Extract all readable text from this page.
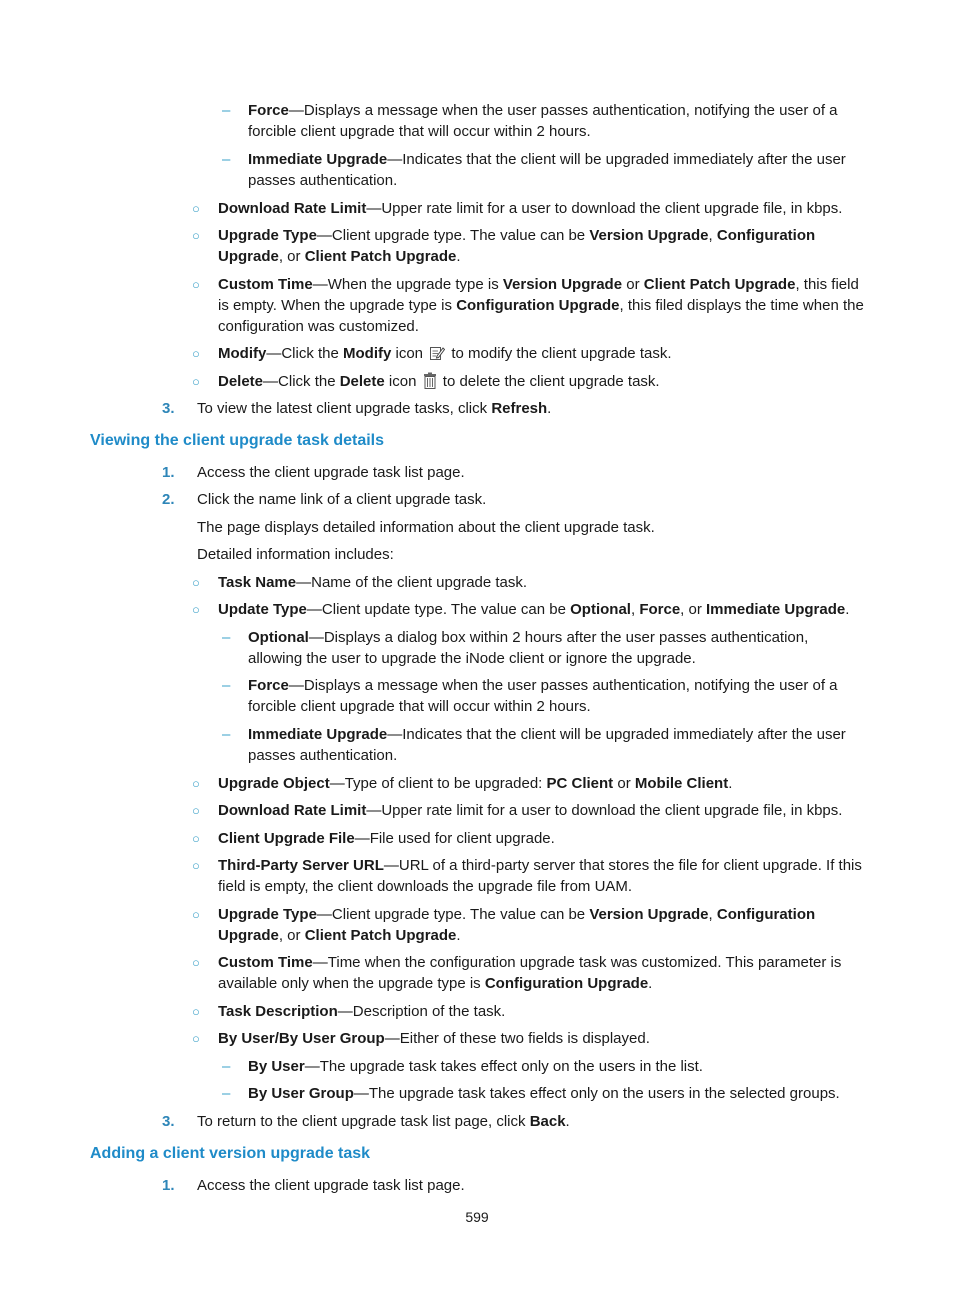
– Force—Displays a message when the user passes authentication, notifying the user of a forcible client upgrade that will occur within 2 hours.
– Immediate Upgrade—Indicates that the client will be upgraded immediately after the user passes authentication.
○ Download Rate Limit—Upper rate limit for a user to download the client upgrade file, in kbps.
○ Upgrade Type—Client upgrade type. The value can be Version Upgrade, Configuration Upgrade, or Client Patch Upgrade.
○ Custom Time—When the upgrade type is Version Upgrade or Client Patch Upgrade, this field is empty. When the upgrade type is Configuration Upgrade, this filed displays the time when the configuration was customized.
○ Modify—Click the Modify icon  to modify the client upgrade task.
○ Delete—Click the Delete icon  to delete the client upgrade task.
3. To view the latest client upgrade tasks, click Refresh.
Viewing the client upgrade task details
1. Access the client upgrade task list page.
2. Click the name link of a client upgrade task.
The page displays detailed information about the client upgrade task.
Detailed information includes:
○ Task Name—Name of the client upgrade task.
○ Update Type—Client update type. The value can be Optional, Force, or Immediate Upgrade.
– Optional—Displays a dialog box within 2 hours after the user passes authentication, allowing the user to upgrade the iNode client or ignore the upgrade.
– Force—Displays a message when the user passes authentication, notifying the user of a forcible client upgrade that will occur within 2 hours.
– Immediate Upgrade—Indicates that the client will be upgraded immediately after the user passes authentication.
○ Upgrade Object—Type of client to be upgraded: PC Client or Mobile Client.
○ Download Rate Limit—Upper rate limit for a user to download the client upgrade file, in kbps.
○ Client Upgrade File—File used for client upgrade.
○ Third-Party Server URL—URL of a third-party server that stores the file for client upgrade. If this field is empty, the client downloads the upgrade file from UAM.
○ Upgrade Type—Client upgrade type. The value can be Version Upgrade, Configuration Upgrade, or Client Patch Upgrade.
○ Custom Time—Time when the configuration upgrade task was customized. This parameter is available only when the upgrade type is Configuration Upgrade.
○ Task Description—Description of the task.
○ By User/By User Group—Either of these two fields is displayed.
– By User—The upgrade task takes effect only on the users in the list.
– By User Group—The upgrade task takes effect only on the users in the selected groups.
3. To return to the client upgrade task list page, click Back.
Adding a client version upgrade task
1. Access the client upgrade task list page.
599
